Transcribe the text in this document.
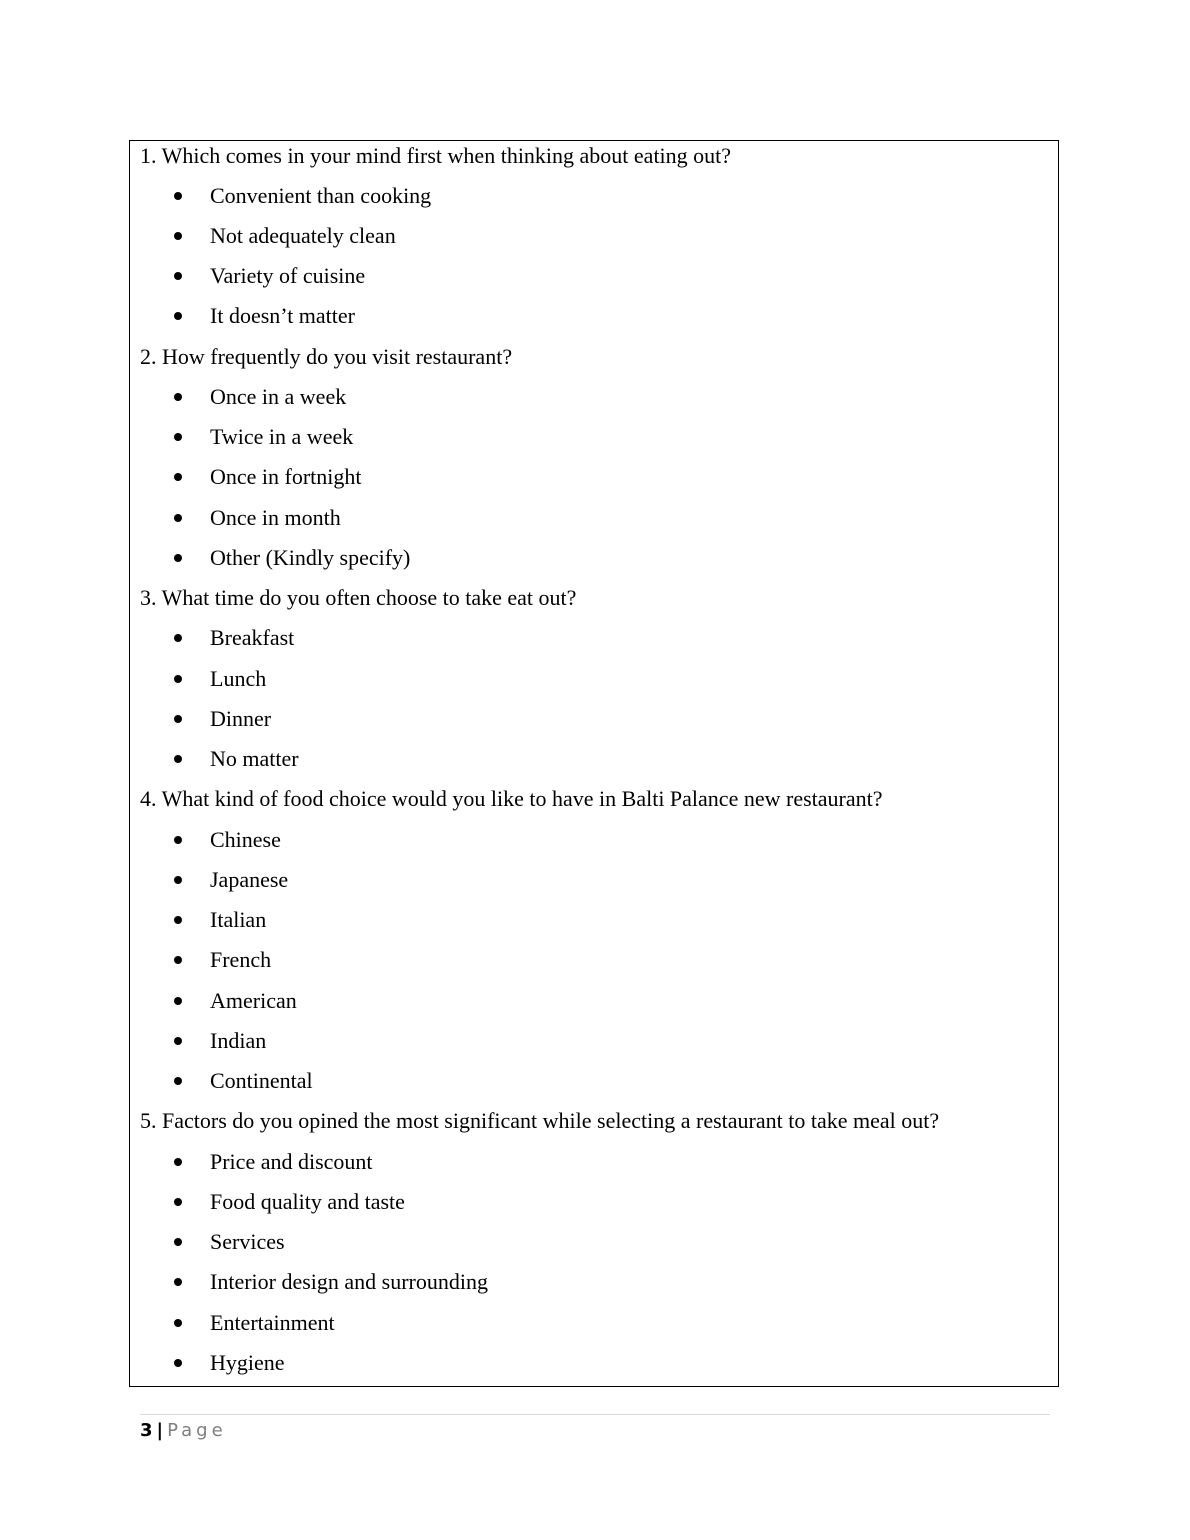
1. Which comes in your mind first when thinking about eating out?
Convenient than cooking
Not adequately clean
Variety of cuisine
It doesn’t matter
2. How frequently do you visit restaurant?
Once in a week
Twice in a week
Once in fortnight
Once in month
Other (Kindly specify)
3. What time do you often choose to take eat out?
Breakfast
Lunch
Dinner
No matter
4. What kind of food choice would you like to have in Balti Palance new restaurant?
Chinese
Japanese
Italian
French
American
Indian
Continental
5. Factors do you opined the most significant while selecting a restaurant to take meal out?
Price and discount
Food quality and taste
Services
Interior design and surrounding
Entertainment
Hygiene
3 | Page
